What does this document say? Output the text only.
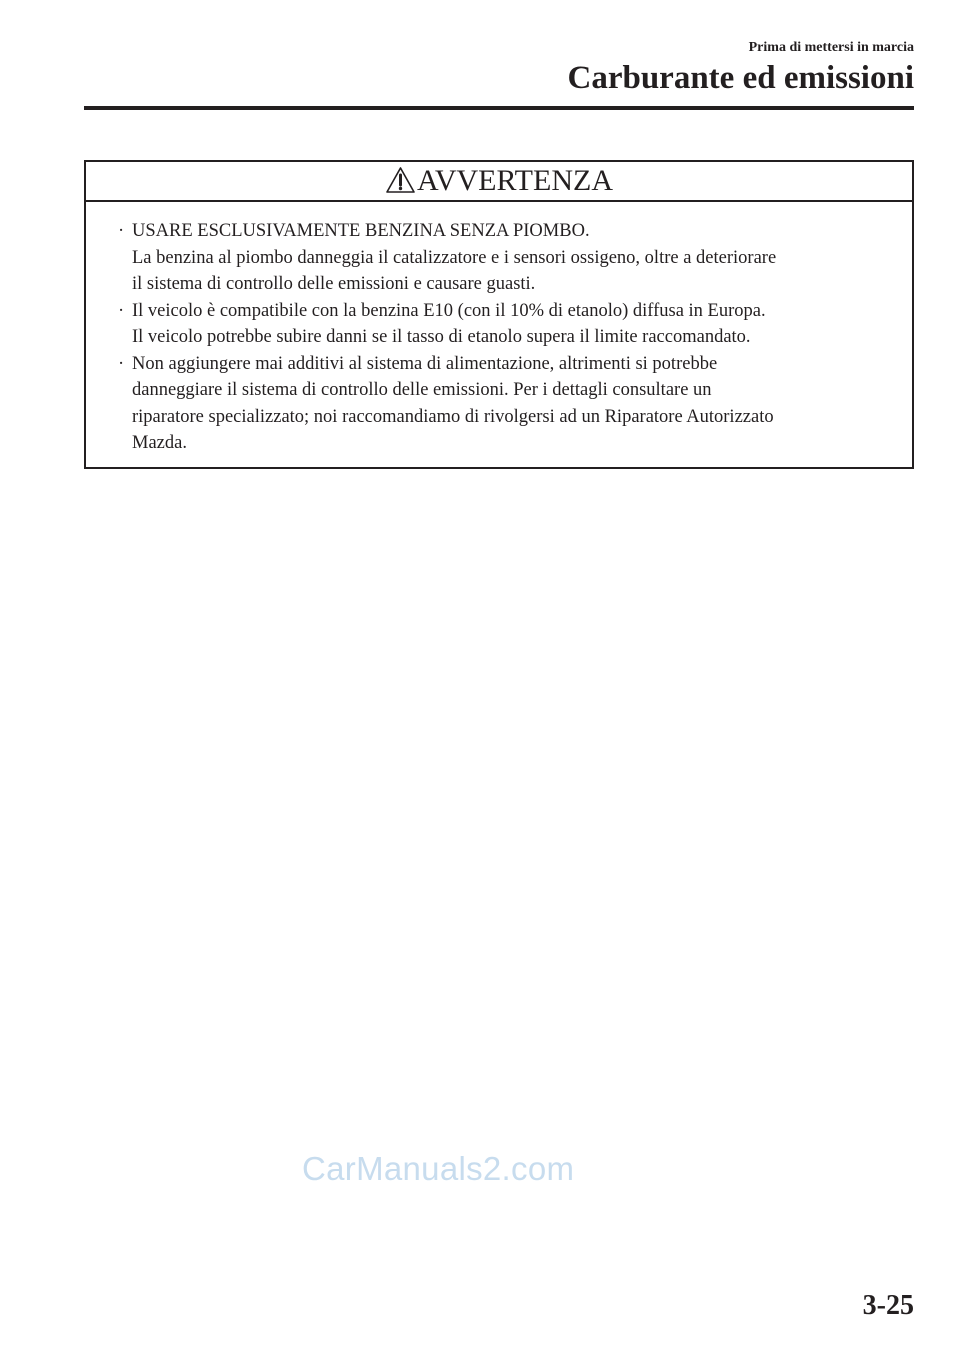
Prima di mettersi in marcia
Carburante ed emissioni
AVVERTENZA
· USARE ESCLUSIVAMENTE BENZINA SENZA PIOMBO.
La benzina al piombo danneggia il catalizzatore e i sensori ossigeno, oltre a deteriorare
il sistema di controllo delle emissioni e causare guasti.
· Il veicolo è compatibile con la benzina E10 (con il 10% di etanolo) diffusa in Europa.
Il veicolo potrebbe subire danni se il tasso di etanolo supera il limite raccomandato.
· Non aggiungere mai additivi al sistema di alimentazione, altrimenti si potrebbe
danneggiare il sistema di controllo delle emissioni. Per i dettagli consultare un
riparatore specializzato; noi raccomandiamo di rivolgersi ad un Riparatore Autorizzato
Mazda.
CarManuals2.com
3-25
